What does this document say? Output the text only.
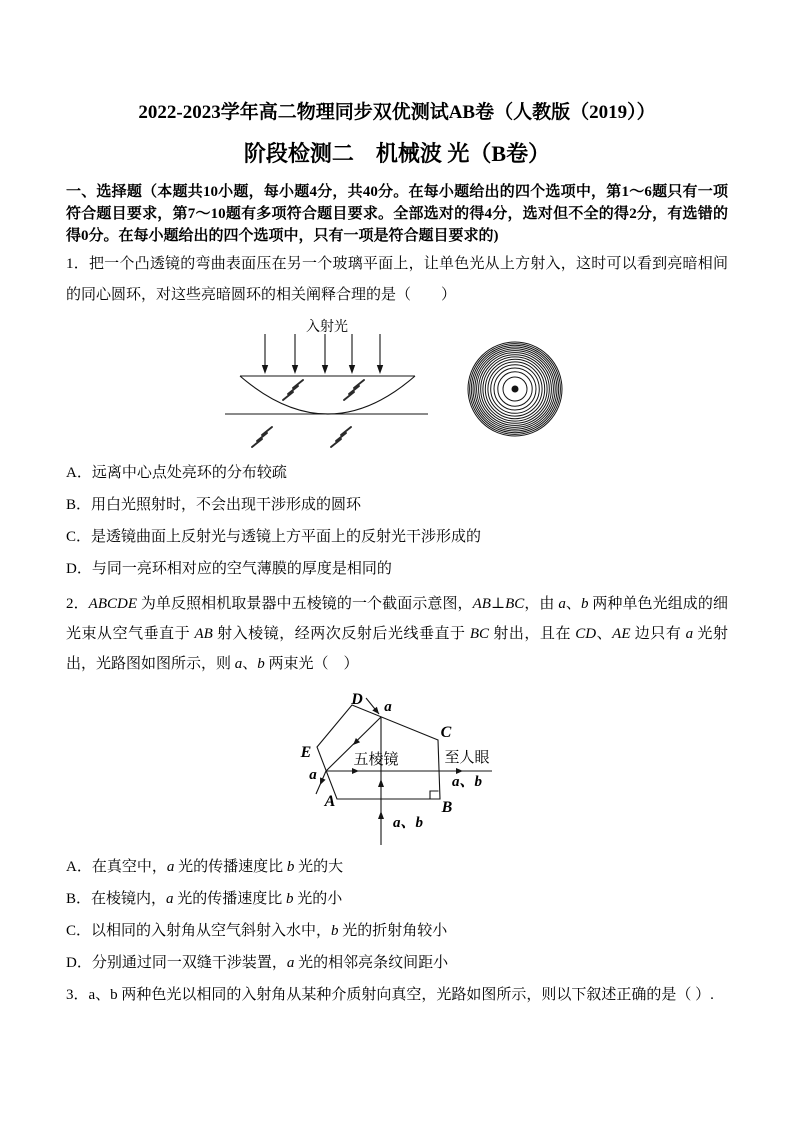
2022-2023学年高二物理同步双优测试AB卷（人教版（2019））
阶段检测二　机械波 光（B卷）
一、选择题（本题共10小题，每小题4分，共40分。在每小题给出的四个选项中，第1～6题只有一项符合题目要求，第7～10题有多项符合题目要求。全部选对的得4分，选对但不全的得2分，有选错的得0分。在每小题给出的四个选项中，只有一项是符合题目要求的)
1．把一个凸透镜的弯曲表面压在另一个玻璃平面上，让单色光从上方射入，这时可以看到亮暗相间的同心圆环，对这些亮暗圆环的相关阐释合理的是（　　）
入射光
A．远离中心点处亮环的分布较疏
B．用白光照射时，不会出现干涉形成的圆环
C．是透镜曲面上反射光与透镜上方平面上的反射光干涉形成的
D．与同一亮环相对应的空气薄膜的厚度是相同的
2．ABCDE 为单反照相机取景器中五棱镜的一个截面示意图，AB⊥BC，由 a、b 两种单色光组成的细光束从空气垂直于 AB 射入棱镜，经两次反射后光线垂直于 BC 射出，且在 CD、AE 边只有 a 光射出，光路图如图所示，则 a、b 两束光（　）
D
C
B
A
E
a
a
五棱镜	至人眼
a、b
a、b
A．在真空中，a 光的传播速度比 b 光的大
B．在棱镜内，a 光的传播速度比 b 光的小
C．以相同的入射角从空气斜射入水中，b 光的折射角较小
D．分别通过同一双缝干涉装置，a 光的相邻亮条纹间距小
3．a、b 两种色光以相同的入射角从某种介质射向真空，光路如图所示，则以下叙述正确的是（ ）.
